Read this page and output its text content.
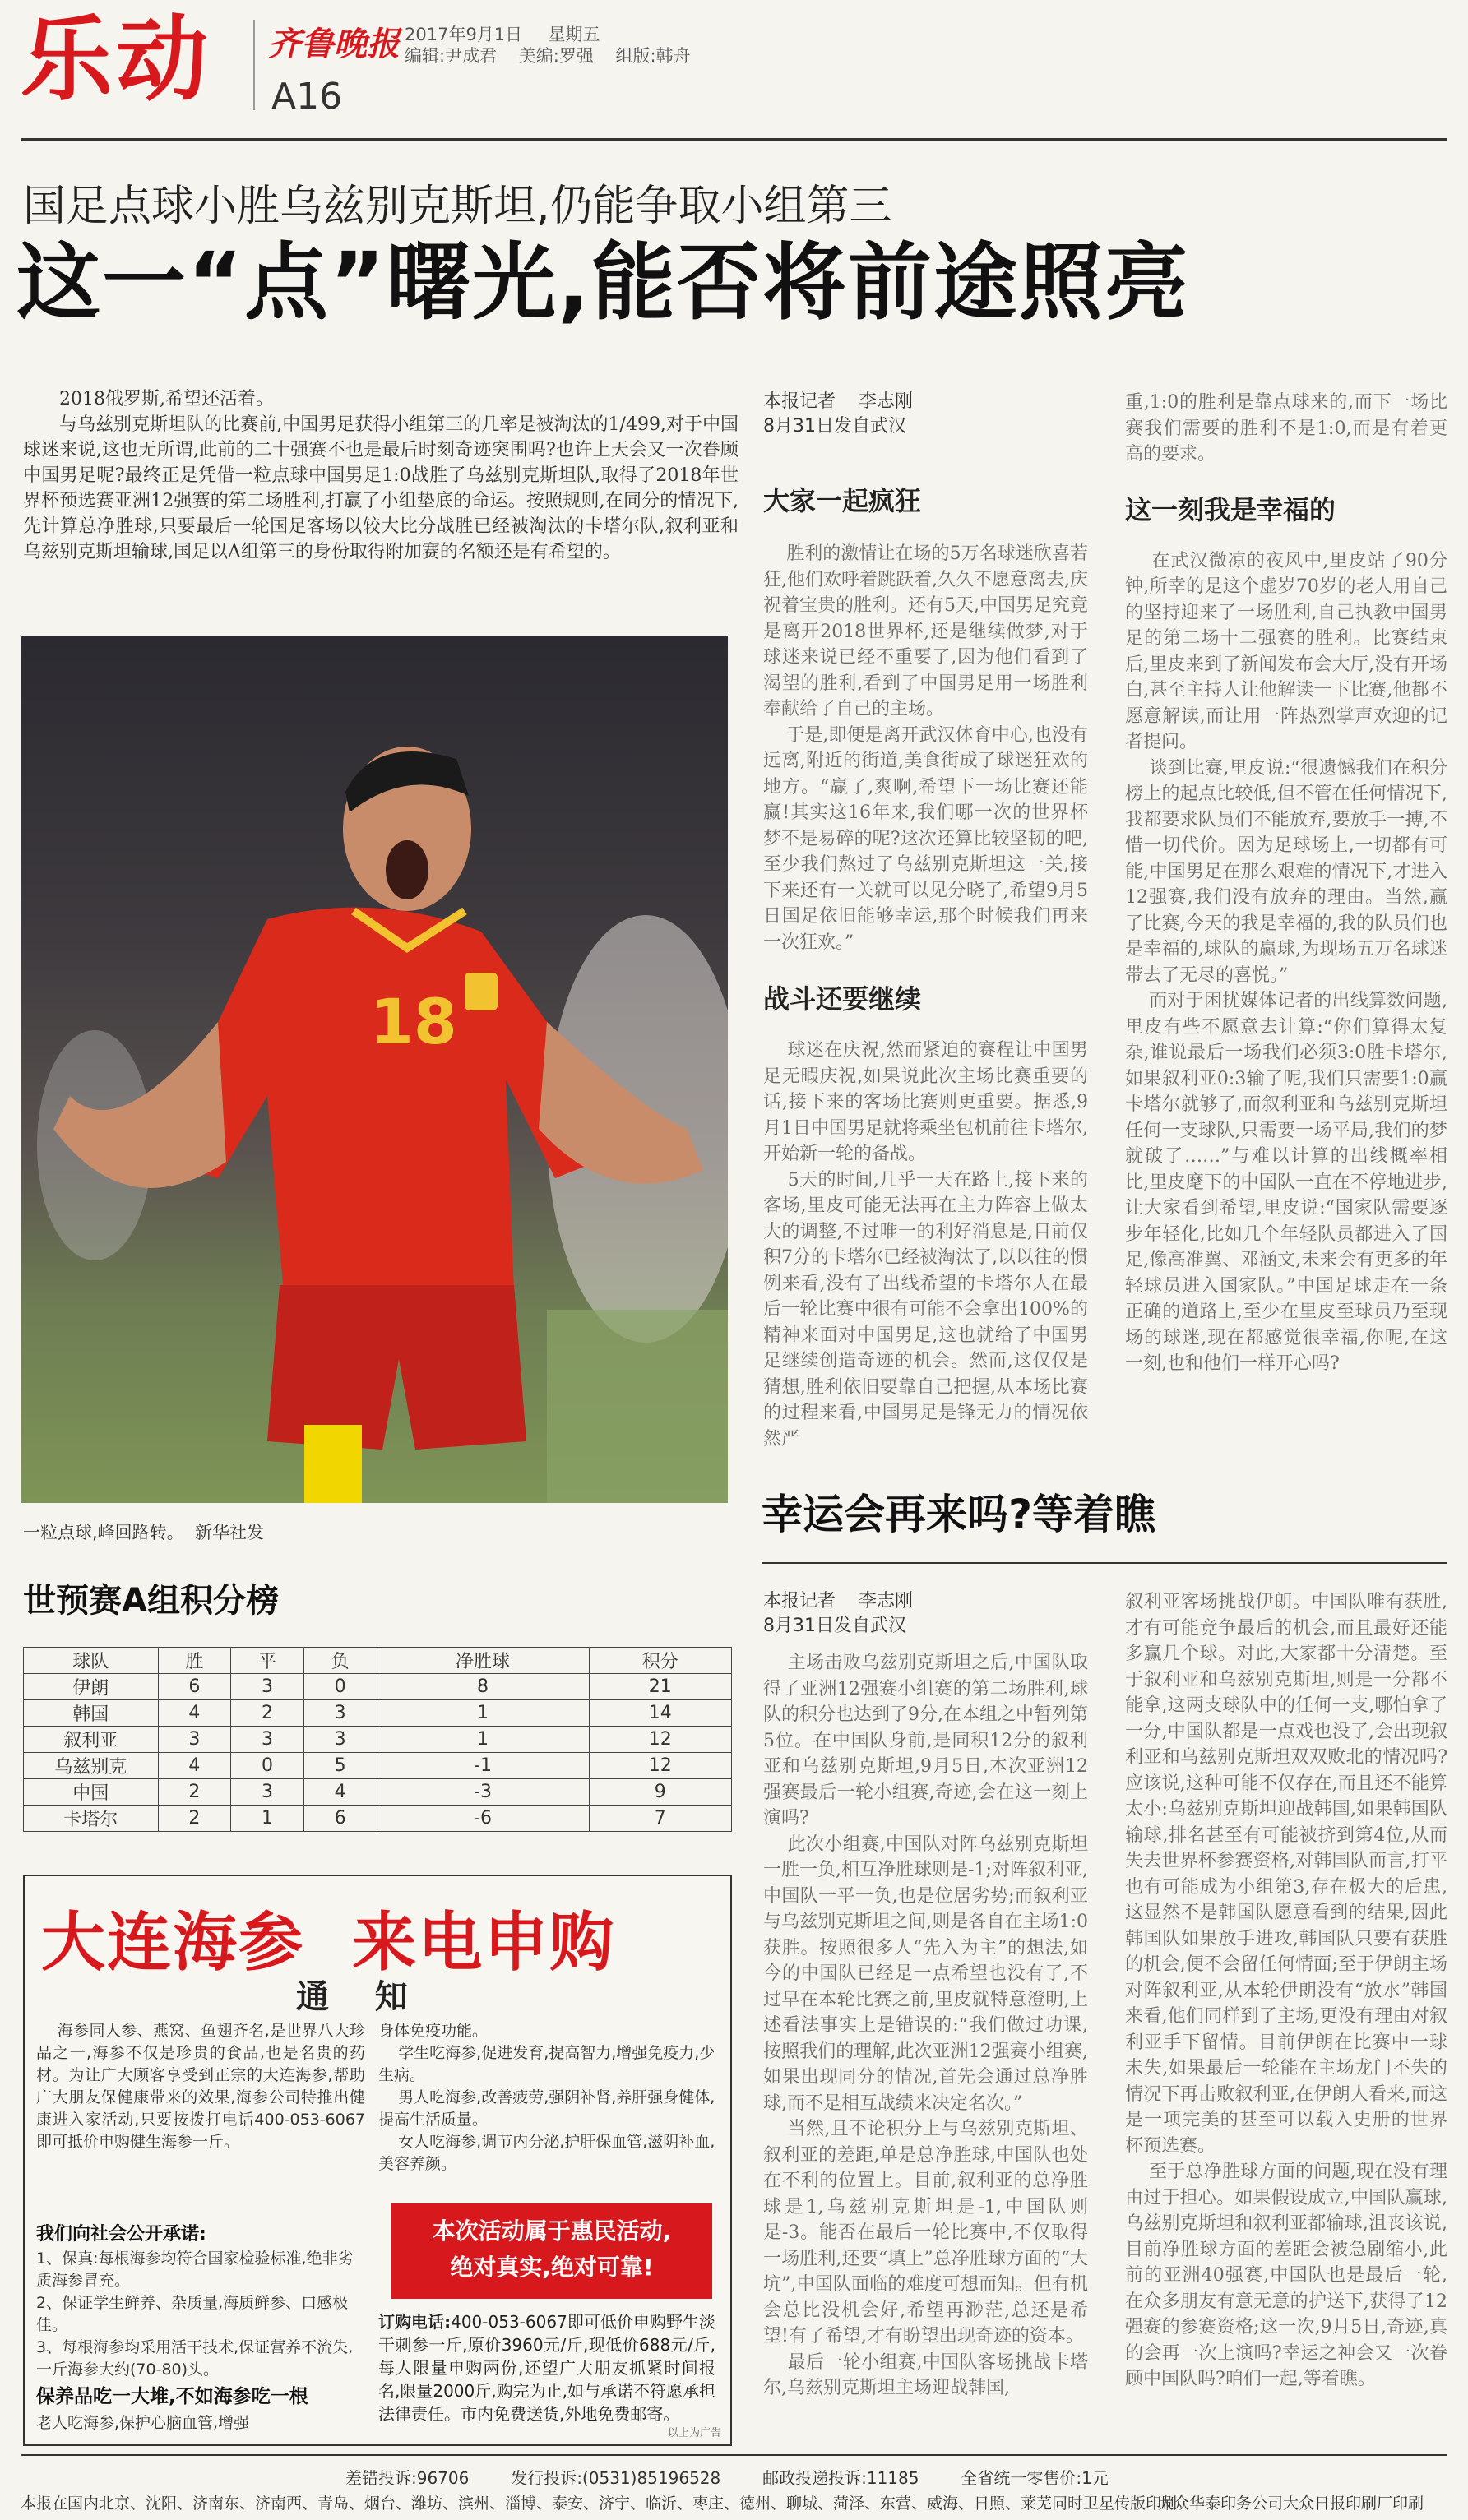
乐动 齐鲁晚报 2017年9月1日 星期五
编辑:尹成君    美编:罗强    组版:韩舟
A16
国足点球小胜乌兹别克斯坦,仍能争取小组第三
这一“点”曙光,能否将前途照亮

2018俄罗斯,希望还活着。

与乌兹别克斯坦队的比赛前,中国男足获得小组第三的几率是被淘汰的1/499,对于中国球迷来说,这也无所谓,此前的二十强赛不也是最后时刻奇迹突围吗?也许上天会又一次眷顾中国男足呢?最终正是凭借一粒点球中国男足1:0战胜了乌兹别克斯坦队,取得了2018年世界杯预选赛亚洲12强赛的第二场胜利,打赢了小组垫底的命运。按照规则,在同分的情况下,先计算总净胜球,只要最后一轮国足客场以较大比分战胜已经被淘汰的卡塔尔队,叙利亚和乌兹别克斯坦输球,国足以A组第三的身份取得附加赛的名额还是有希望的。

18
一粒点球,峰回路转。  新华社发
本报记者    李志刚
8月31日发自武汉
大家一起疯狂

胜利的激情让在场的5万名球迷欣喜若狂,他们欢呼着跳跃着,久久不愿意离去,庆祝着宝贵的胜利。还有5天,中国男足究竟是离开2018世界杯,还是继续做梦,对于球迷来说已经不重要了,因为他们看到了渴望的胜利,看到了中国男足用一场胜利奉献给了自己的主场。
于是,即便是离开武汉体育中心,也没有远离,附近的街道,美食街成了球迷狂欢的地方。“赢了,爽啊,希望下一场比赛还能赢!其实这16年来,我们哪一次的世界杯梦不是易碎的呢?这次还算比较坚韧的吧,至少我们熬过了乌兹别克斯坦这一关,接下来还有一关就可以见分晓了,希望9月5日国足依旧能够幸运,那个时候我们再来一次狂欢。”

战斗还要继续

球迷在庆祝,然而紧迫的赛程让中国男足无暇庆祝,如果说此次主场比赛重要的话,接下来的客场比赛则更重要。据悉,9月1日中国男足就将乘坐包机前往卡塔尔,开始新一轮的备战。
5天的时间,几乎一天在路上,接下来的客场,里皮可能无法再在主力阵容上做太大的调整,不过唯一的利好消息是,目前仅积7分的卡塔尔已经被淘汰了,以以往的惯例来看,没有了出线希望的卡塔尔人在最后一轮比赛中很有可能不会拿出100%的精神来面对中国男足,这也就给了中国男足继续创造奇迹的机会。然而,这仅仅是猜想,胜利依旧要靠自己把握,从本场比赛的过程来看,中国男足是锋无力的情况依然严

重,1:0的胜利是靠点球来的,而下一场比赛我们需要的胜利不是1:0,而是有着更高的要求。

这一刻我是幸福的

在武汉微凉的夜风中,里皮站了90分钟,所幸的是这个虚岁70岁的老人用自己的坚持迎来了一场胜利,自己执教中国男足的第二场十二强赛的胜利。比赛结束后,里皮来到了新闻发布会大厅,没有开场白,甚至主持人让他解读一下比赛,他都不愿意解读,而让用一阵热烈掌声欢迎的记者提问。
谈到比赛,里皮说:“很遗憾我们在积分榜上的起点比较低,但不管在任何情况下,我都要求队员们不能放弃,要放手一搏,不惜一切代价。因为足球场上,一切都有可能,中国男足在那么艰难的情况下,才进入12强赛,我们没有放弃的理由。当然,赢了比赛,今天的我是幸福的,我的队员们也是幸福的,球队的赢球,为现场五万名球迷带去了无尽的喜悦。”
而对于困扰媒体记者的出线算数问题,里皮有些不愿意去计算:“你们算得太复杂,谁说最后一场我们必须3:0胜卡塔尔,如果叙利亚0:3输了呢,我们只需要1:0赢卡塔尔就够了,而叙利亚和乌兹别克斯坦任何一支球队,只需要一场平局,我们的梦就破了……”与难以计算的出线概率相比,里皮麾下的中国队一直在不停地进步,让大家看到希望,里皮说:“国家队需要逐步年轻化,比如几个年轻队员都进入了国足,像高准翼、邓涵文,未来会有更多的年轻球员进入国家队。”中国足球走在一条正确的道路上,至少在里皮至球员乃至现场的球迷,现在都感觉很幸福,你呢,在这一刻,也和他们一样开心吗?

世预赛A组积分榜
球队	胜	平	负	净胜球	积分
伊朗	6	3	0	8	21
韩国	4	2	3	1	14
叙利亚	3	3	3	1	12
乌兹别克	4	0	5	-1	12
中国	2	3	4	-3	9
卡塔尔	2	1	6	-6	7
大连海参  来电申购
通    知
海参同人参、燕窝、鱼翅齐名,是世界八大珍品之一,海参不仅是珍贵的食品,也是名贵的药材。为让广大顾客享受到正宗的大连海参,帮助广大朋友保健康带来的效果,海参公司特推出健康进入家活动,只要按拨打电话400-053-6067即可抵价申购健生海参一斤。
身体免疫功能。
学生吃海参,促进发育,提高智力,增强免疫力,少生病。
男人吃海参,改善疲劳,强阴补肾,养肝强身健体,提高生活质量。
女人吃海参,调节内分泌,护肝保血管,滋阴补血,美容养颜。
我们向社会公开承诺:
1、保真:每根海参均符合国家检验标准,绝非劣质海参冒充。
2、保证学生鲜养、杂质量,海质鲜参、口感极佳。
3、每根海参均采用活干技术,保证营养不流失,一斤海参大约(70-80)头。
本次活动属于惠民活动,
绝对真实,绝对可靠!
订购电话:400-053-6067即可低价申购野生淡干刺参一斤,原价3960元/斤,现低价688元/斤,每人限量申购两份,还望广大朋友抓紧时间报名,限量2000斤,购完为止,如与承诺不符愿承担法律责任。市内免费送货,外地免费邮寄。
保养品吃一大堆,不如海参吃一根
老人吃海参,保护心脑血管,增强
以上为广告
幸运会再来吗?等着瞧
本报记者    李志刚
8月31日发自武汉

主场击败乌兹别克斯坦之后,中国队取得了亚洲12强赛小组赛的第二场胜利,球队的积分也达到了9分,在本组之中暂列第5位。在中国队身前,是同积12分的叙利亚和乌兹别克斯坦,9月5日,本次亚洲12强赛最后一轮小组赛,奇迹,会在这一刻上演吗?
此次小组赛,中国队对阵乌兹别克斯坦一胜一负,相互净胜球则是-1;对阵叙利亚,中国队一平一负,也是位居劣势;而叙利亚与乌兹别克斯坦之间,则是各自在主场1:0获胜。按照很多人“先入为主”的想法,如今的中国队已经是一点希望也没有了,不过早在本轮比赛之前,里皮就特意澄明,上述看法事实上是错误的:“我们做过功课,按照我们的理解,此次亚洲12强赛小组赛,如果出现同分的情况,首先会通过总净胜球,而不是相互战绩来决定名次。”
当然,且不论积分上与乌兹别克斯坦、叙利亚的差距,单是总净胜球,中国队也处在不利的位置上。目前,叙利亚的总净胜球是1,乌兹别克斯坦是-1,中国队则是-3。能否在最后一轮比赛中,不仅取得一场胜利,还要“填上”总净胜球方面的“大坑”,中国队面临的难度可想而知。但有机会总比没机会好,希望再渺茫,总还是希望!有了希望,才有盼望出现奇迹的资本。
最后一轮小组赛,中国队客场挑战卡塔尔,乌兹别克斯坦主场迎战韩国,

叙利亚客场挑战伊朗。中国队唯有获胜,才有可能竞争最后的机会,而且最好还能多赢几个球。对此,大家都十分清楚。至于叙利亚和乌兹别克斯坦,则是一分都不能拿,这两支球队中的任何一支,哪怕拿了一分,中国队都是一点戏也没了,会出现叙利亚和乌兹别克斯坦双双败北的情况吗?应该说,这种可能不仅存在,而且还不能算太小:乌兹别克斯坦迎战韩国,如果韩国队输球,排名甚至有可能被挤到第4位,从而失去世界杯参赛资格,对韩国队而言,打平也有可能成为小组第3,存在极大的后患,这显然不是韩国队愿意看到的结果,因此韩国队如果放手进攻,韩国队只要有获胜的机会,便不会留任何情面;至于伊朗主场对阵叙利亚,从本轮伊朗没有“放水”韩国来看,他们同样到了主场,更没有理由对叙利亚手下留情。目前伊朗在比赛中一球未失,如果最后一轮能在主场龙门不失的情况下再击败叙利亚,在伊朗人看来,而这是一项完美的甚至可以载入史册的世界杯预选赛。
至于总净胜球方面的问题,现在没有理由过于担心。如果假设成立,中国队赢球,乌兹别克斯坦和叙利亚都输球,沮丧该说,目前净胜球方面的差距会被急剧缩小,此前的亚洲40强赛,中国队也是最后一轮,在众多朋友有意无意的护送下,获得了12强赛的参赛资格;这一次,9月5日,奇迹,真的会再一次上演吗?幸运之神会又一次眷顾中国队吗?咱们一起,等着瞧。

差错投诉:96706        发行投诉:(0531)85196528        邮政投递投诉:11185        全省统一零售价:1元
本报在国内北京、沈阳、济南东、济南西、青岛、烟台、潍坊、滨州、淄博、泰安、济宁、临沂、枣庄、德州、聊城、菏泽、东营、威海、日照、莱芜同时卫星传版印刷
大众华泰印务公司大众日报印刷厂印刷
